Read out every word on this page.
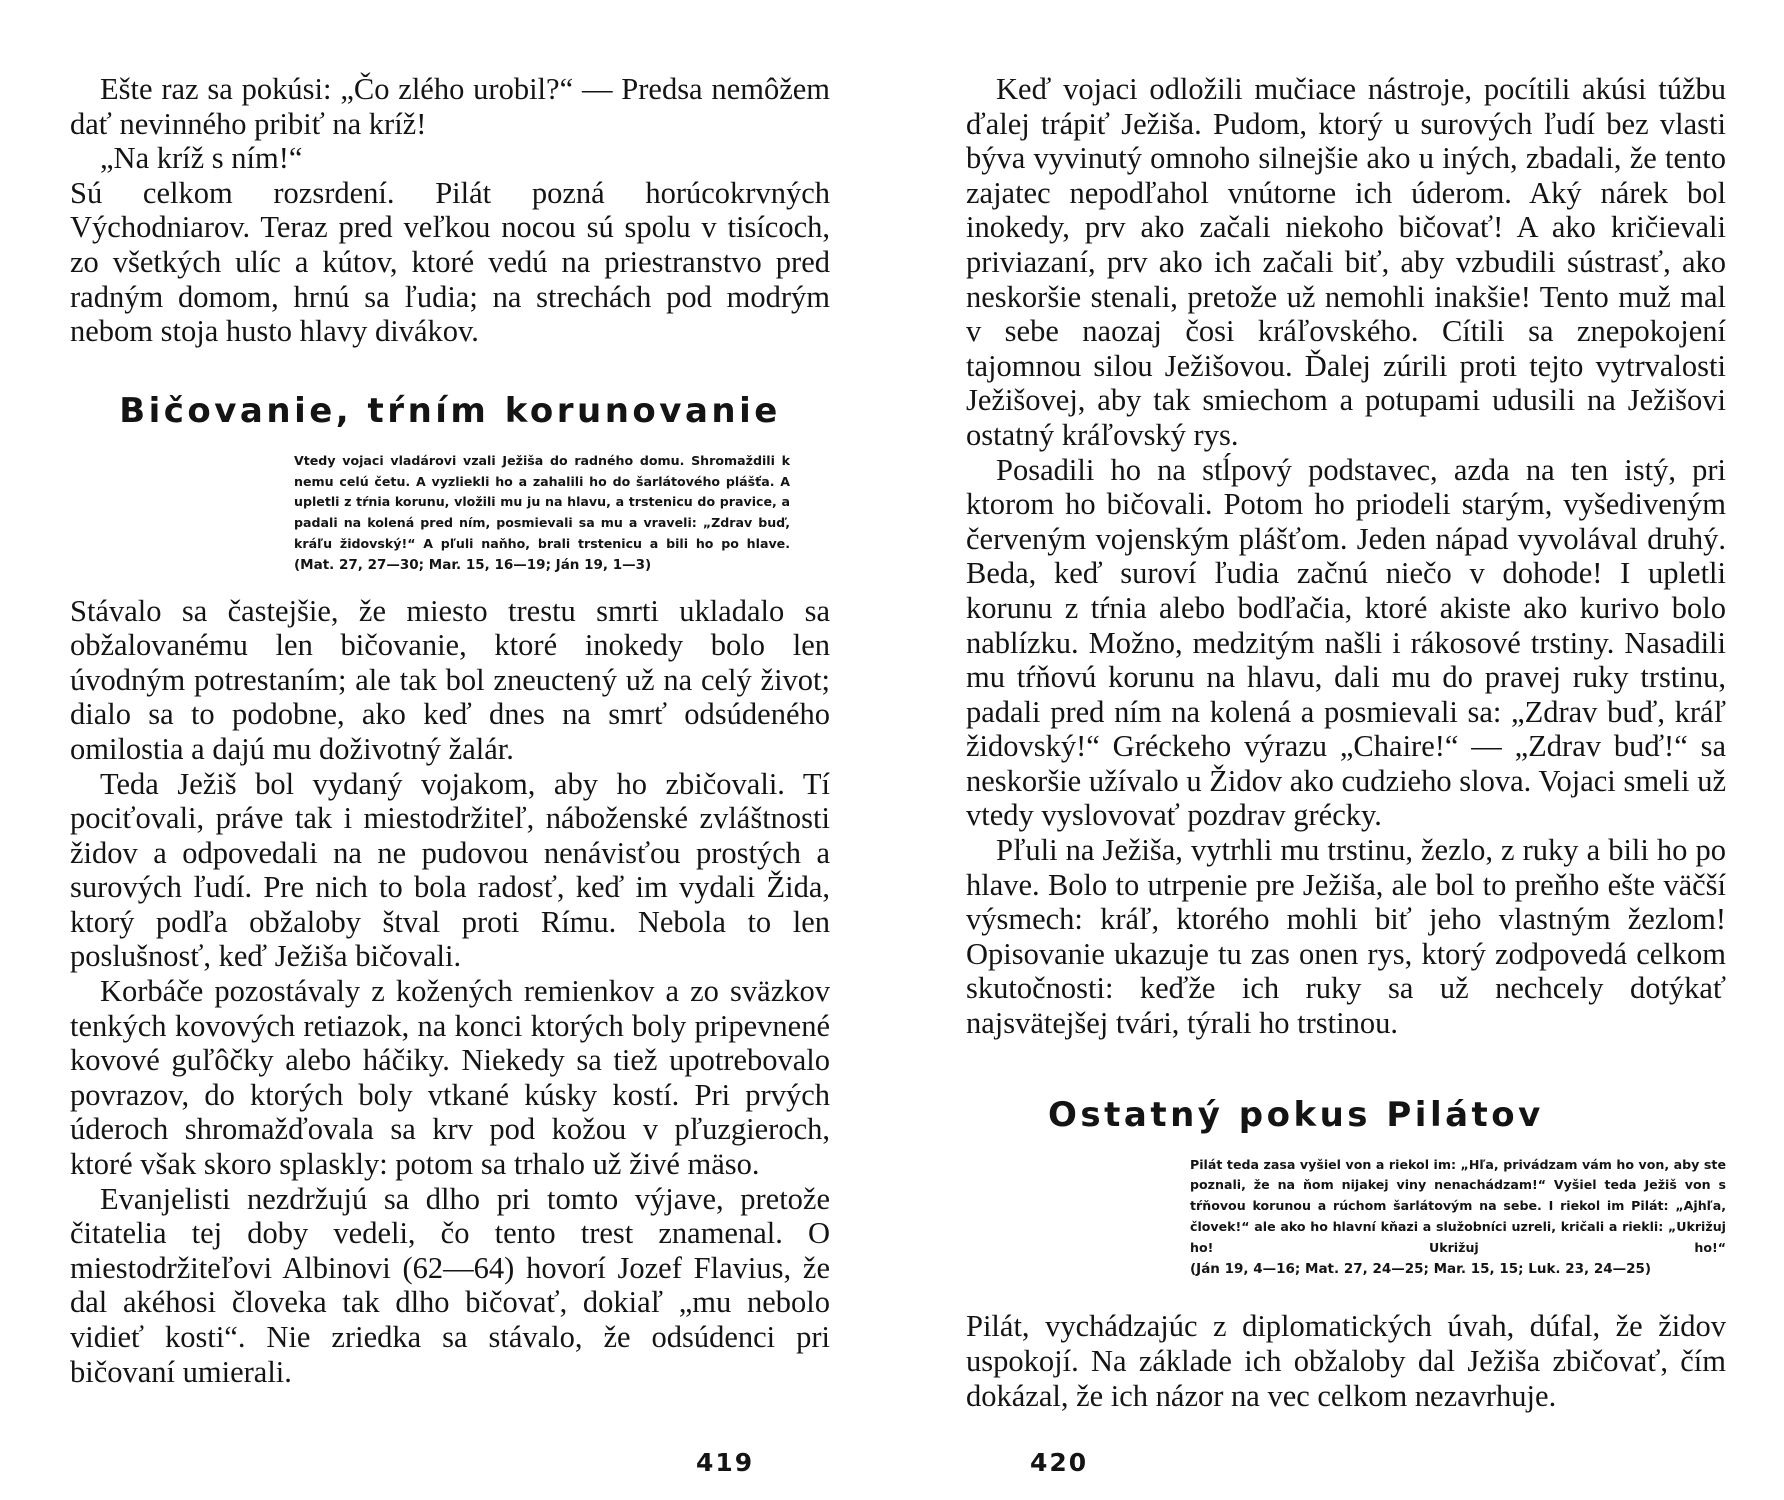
Ešte raz sa pokúsi: „Čo zlého urobil?“ — Predsa nemôžem dať nevinného pribiť na kríž!

„Na kríž s ním!“

Sú celkom rozsrdení. Pilát pozná horúcokrvných Východniarov. Teraz pred veľkou nocou sú spolu v tisícoch, zo všetkých ulíc a kútov, ktoré vedú na priestranstvo pred radným domom, hrnú sa ľudia; na strechách pod modrým nebom stoja husto hlavy divákov.

Bičovanie, tŕním korunovanie

Vtedy vojaci vladárovi vzali Ježiša do radného domu. Shromaždili k nemu celú četu. A vyzliekli ho a zahalili ho do šarlátového plášťa. A upletli z tŕnia korunu, vložili mu ju na hlavu, a trstenicu do pravice, a padali na kolená pred ním, posmievali sa mu a vraveli: „Zdrav buď, kráľu židovský!“ A pľuli naňho, brali trstenicu a bili ho po hlave. (Mat. 27, 27—30; Mar. 15, 16—19; Ján 19, 1—3)

Stávalo sa častejšie, že miesto trestu smrti ukladalo sa obžalovanému len bičovanie, ktoré inokedy bolo len úvodným potrestaním; ale tak bol zneuctený už na celý život; dialo sa to podobne, ako keď dnes na smrť odsúdeného omilostia a dajú mu doživotný žalár.

Teda Ježiš bol vydaný vojakom, aby ho zbičovali. Tí pociťovali, práve tak i miestodržiteľ, náboženské zvláštnosti židov a odpovedali na ne pudovou nenávisťou prostých a surových ľudí. Pre nich to bola radosť, keď im vydali Žida, ktorý podľa obžaloby štval proti Rímu. Nebola to len poslušnosť, keď Ježiša bičovali.

Korbáče pozostávaly z kožených remienkov a zo sväzkov tenkých kovových retiazok, na konci ktorých boly pripevnené kovové guľôčky alebo háčiky. Niekedy sa tiež upotrebovalo povrazov, do ktorých boly vtkané kúsky kostí. Pri prvých úderoch shromažďovala sa krv pod kožou v pľuzgieroch, ktoré však skoro splaskly: potom sa trhalo už živé mäso.

Evanjelisti nezdržujú sa dlho pri tomto výjave, pretože čitatelia tej doby vedeli, čo tento trest znamenal. O miestodržiteľovi Albinovi (62—64) hovorí Jozef Flavius, že dal akéhosi človeka tak dlho bičovať, dokiaľ „mu nebolo vidieť kosti“. Nie zriedka sa stávalo, že odsúdenci pri bičovaní umierali.

419

Keď vojaci odložili mučiace nástroje, pocítili akúsi túžbu ďalej trápiť Ježiša. Pudom, ktorý u surových ľudí bez vlasti býva vyvinutý omnoho silnejšie ako u iných, zbadali, že tento zajatec nepodľahol vnútorne ich úderom. Aký nárek bol inokedy, prv ako začali niekoho bičovať! A ako kričievali priviazaní, prv ako ich začali biť, aby vzbudili sústrasť, ako neskoršie stenali, pretože už nemohli inakšie! Tento muž mal v sebe naozaj čosi kráľovského. Cítili sa znepokojení tajomnou silou Ježišovou. Ďalej zúrili proti tejto vytrvalosti Ježišovej, aby tak smiechom a potupami udusili na Ježišovi ostatný kráľovský rys.

Posadili ho na stĺpový podstavec, azda na ten istý, pri ktorom ho bičovali. Potom ho priodeli starým, vyšediveným červeným vojenským plášťom. Jeden nápad vyvolával druhý. Beda, keď suroví ľudia začnú niečo v dohode! I upletli korunu z tŕnia alebo bodľačia, ktoré akiste ako kurivo bolo nablízku. Možno, medzitým našli i rákosové trstiny. Nasadili mu tŕňovú korunu na hlavu, dali mu do pravej ruky trstinu, padali pred ním na kolená a posmievali sa: „Zdrav buď, kráľ židovský!“ Gréckeho výrazu „Chaire!“ — „Zdrav buď!“ sa neskoršie užívalo u Židov ako cudzieho slova. Vojaci smeli už vtedy vyslovovať pozdrav grécky.

Pľuli na Ježiša, vytrhli mu trstinu, žezlo, z ruky a bili ho po hlave. Bolo to utrpenie pre Ježiša, ale bol to preňho ešte väčší výsmech: kráľ, ktorého mohli biť jeho vlastným žezlom! Opisovanie ukazuje tu zas onen rys, ktorý zodpovedá celkom skutočnosti: keďže ich ruky sa už nechcely dotýkať najsvätejšej tvári, týrali ho trstinou.

Ostatný pokus Pilátov

Pilát teda zasa vyšiel von a riekol im: „Hľa, privádzam vám ho von, aby ste poznali, že na ňom nijakej viny nenachádzam!“ Vyšiel teda Ježiš von s tŕňovou korunou a rúchom šarlátovým na sebe. I riekol im Pilát: „Ajhľa, človek!“ ale ako ho hlavní kňazi a služobníci uzreli, kričali a riekli: „Ukrižuj ho! Ukrižuj ho!“ (Ján 19, 4—16; Mat. 27, 24—25; Mar. 15, 15; Luk. 23, 24—25)

Pilát, vychádzajúc z diplomatických úvah, dúfal, že židov uspokojí. Na základe ich obžaloby dal Ježiša zbičovať, čím dokázal, že ich názor na vec celkom nezavrhuje.

420
